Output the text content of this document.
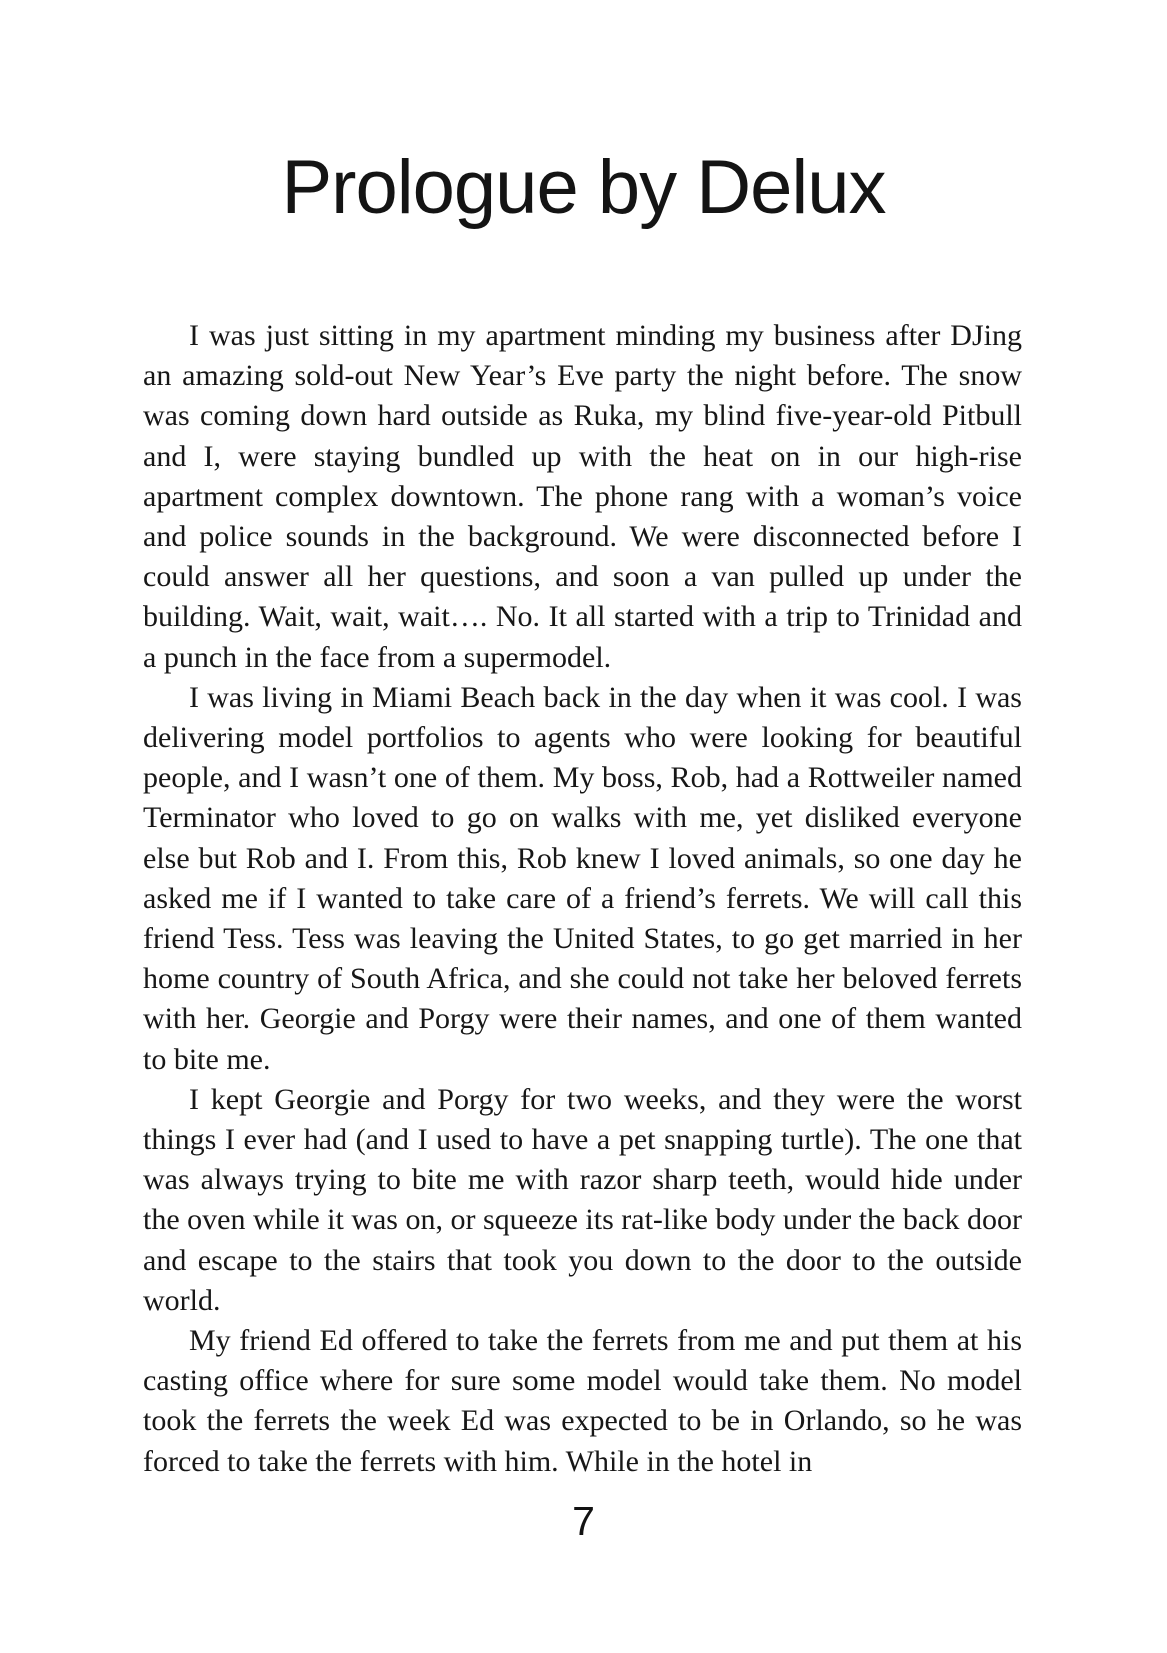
Prologue by Delux

I was just sitting in my apartment minding my business after DJing an amazing sold-out New Year’s Eve party the night before. The snow was coming down hard outside as Ruka, my blind five-year-old Pitbull and I, were staying bundled up with the heat on in our high-rise apartment complex downtown. The phone rang with a woman’s voice and police sounds in the background. We were disconnected before I could answer all her questions, and soon a van pulled up under the building. Wait, wait, wait…. No. It all started with a trip to Trinidad and a punch in the face from a supermodel.

I was living in Miami Beach back in the day when it was cool. I was delivering model portfolios to agents who were looking for beautiful people, and I wasn’t one of them. My boss, Rob, had a Rottweiler named Terminator who loved to go on walks with me, yet disliked everyone else but Rob and I. From this, Rob knew I loved animals, so one day he asked me if I wanted to take care of a friend’s ferrets. We will call this friend Tess. Tess was leaving the United States, to go get married in her home country of South Africa, and she could not take her beloved ferrets with her. Georgie and Porgy were their names, and one of them wanted to bite me.

I kept Georgie and Porgy for two weeks, and they were the worst things I ever had (and I used to have a pet snapping turtle). The one that was always trying to bite me with razor sharp teeth, would hide under the oven while it was on, or squeeze its rat-like body under the back door and escape to the stairs that took you down to the door to the outside world.

My friend Ed offered to take the ferrets from me and put them at his casting office where for sure some model would take them. No model took the ferrets the week Ed was expected to be in Orlando, so he was forced to take the ferrets with him. While in the hotel in

7
